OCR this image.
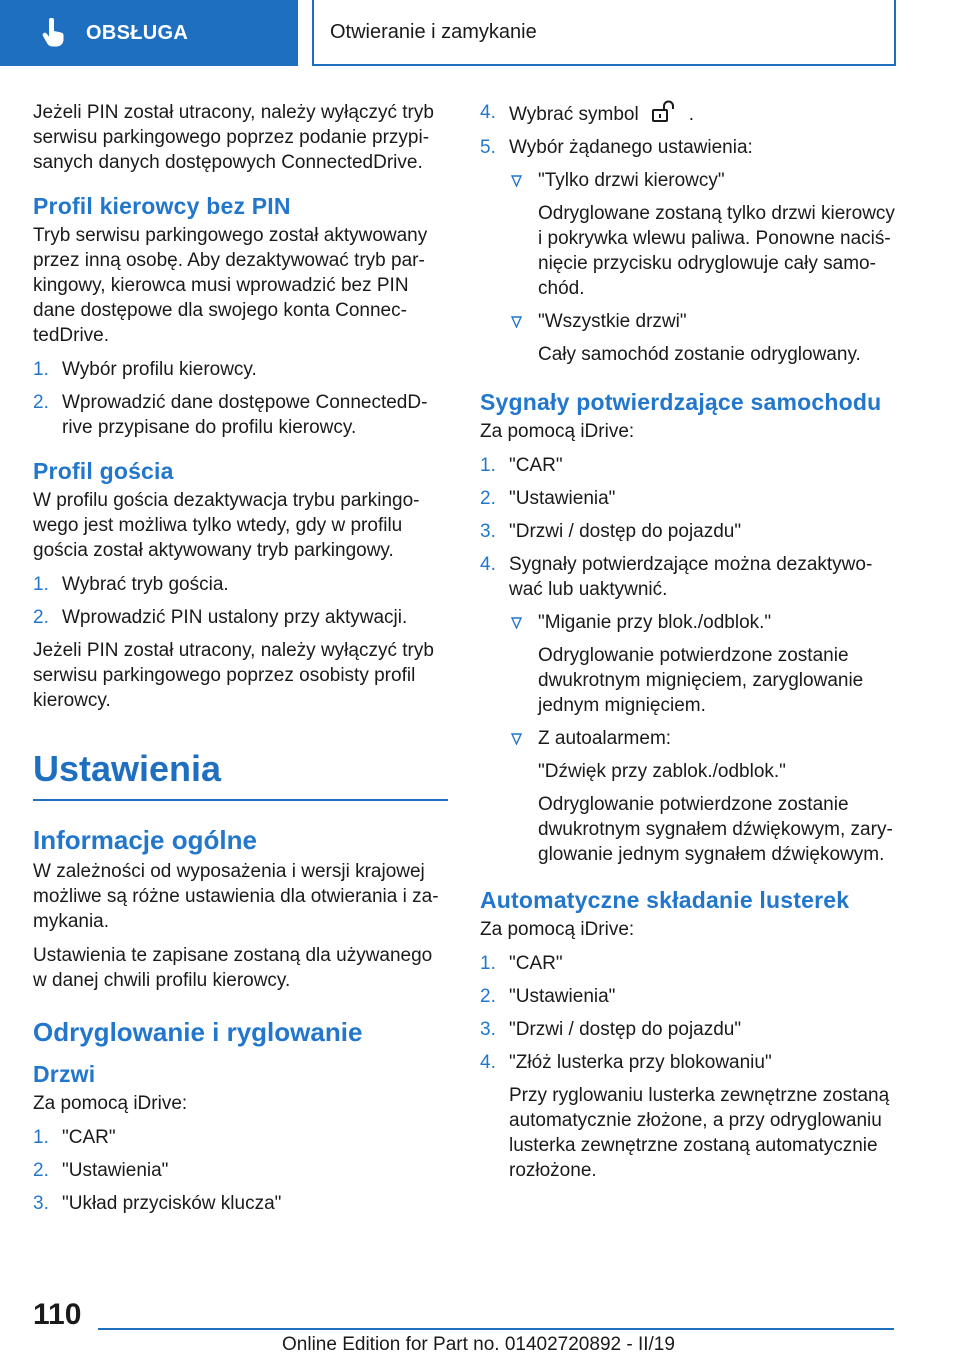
OBSŁUGA	Otwieranie i zamykanie

Jeżeli PIN został utracony, należy wyłączyć tryb serwisu parkingowego poprzez podanie przypi-sanych danych dostępowych ConnectedDrive.

Profil kierowcy bez PIN

Tryb serwisu parkingowego został aktywowany przez inną osobę. Aby dezaktywować tryb par-kingowy, kierowca musi wprowadzić bez PIN dane dostępowe dla swojego konta Connec-tedDrive.

1. Wybór profilu kierowcy.
2. Wprowadzić dane dostępowe ConnectedD-rive przypisane do profilu kierowcy.
Profil gościa

W profilu gościa dezaktywacja trybu parkingo-wego jest możliwa tylko wtedy, gdy w profilu gościa został aktywowany tryb parkingowy.

1. Wybrać tryb gościa.
2. Wprowadzić PIN ustalony przy aktywacji.

Jeżeli PIN został utracony, należy wyłączyć tryb serwisu parkingowego poprzez osobisty profil kierowcy.

Ustawienia
Informacje ogólne

W zależności od wyposażenia i wersji krajowej możliwe są różne ustawienia dla otwierania i za-mykania.

Ustawienia te zapisane zostaną dla używanego w danej chwili profilu kierowcy.

Odryglowanie i ryglowanie
Drzwi

Za pomocą iDrive:

1. "CAR"
2. "Ustawienia"
3. "Układ przycisków klucza"
4. Wybrać symbol	.
5. Wybór żądanego ustawienia:
"Tylko drzwi kierowcy"
Odryglowane zostaną tylko drzwi kierowcy i pokrywka wlewu paliwa. Ponowne naciś-nięcie przycisku odryglowuje cały samo-chód.
"Wszystkie drzwi"
Cały samochód zostanie odryglowany.
Sygnały potwierdzające samochodu

Za pomocą iDrive:

1. "CAR"
2. "Ustawienia"
3. "Drzwi / dostęp do pojazdu"
4. Sygnały potwierdzające można dezaktywo-wać lub uaktywnić.
"Miganie przy blok./odblok."
Odryglowanie potwierdzone zostanie dwukrotnym mignięciem, zaryglowanie jednym mignięciem.
Z autoalarmem:
"Dźwięk przy zablok./odblok."
Odryglowanie potwierdzone zostanie dwukrotnym sygnałem dźwiękowym, zary-glowanie jednym sygnałem dźwiękowym.
Automatyczne składanie lusterek

Za pomocą iDrive:

1. "CAR"
2. "Ustawienia"
3. "Drzwi / dostęp do pojazdu"
4. "Złóż lusterka przy blokowaniu"
Przy ryglowaniu lusterka zewnętrzne zostaną automatycznie złożone, a przy odryglowaniu lusterka zewnętrzne zostaną automatycznie rozłożone.
110
Online Edition for Part no. 01402720892 - II/19
